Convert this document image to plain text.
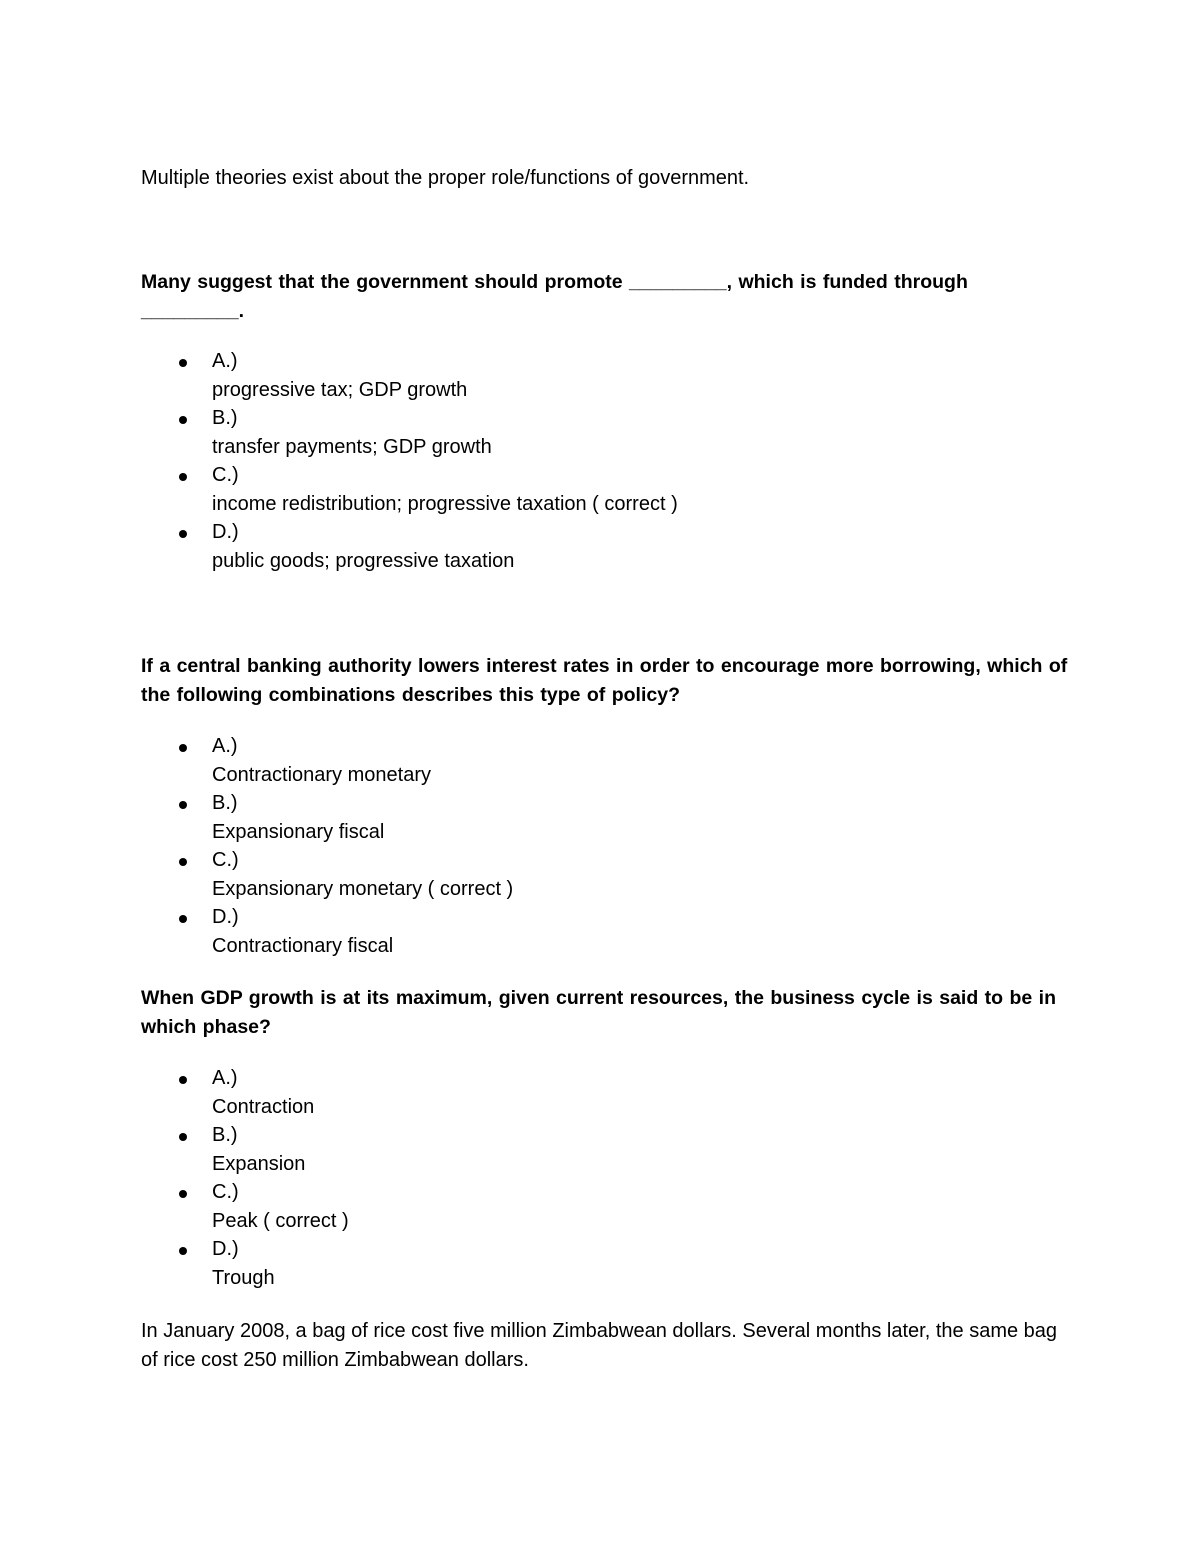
Multiple theories exist about the proper role/functions of government.

Many suggest that the government should promote _________, which is funded through _________.

A.)
progressive tax; GDP growth
B.)
transfer payments; GDP growth
C.)
income redistribution; progressive taxation ( correct )
D.)
public goods; progressive taxation

If a central banking authority lowers interest rates in order to encourage more borrowing, which of the following combinations describes this type of policy?

A.)
Contractionary monetary
B.)
Expansionary fiscal
C.)
Expansionary monetary ( correct )
D.)
Contractionary fiscal

When GDP growth is at its maximum, given current resources, the business cycle is said to be in which phase?

A.)
Contraction
B.)
Expansion
C.)
Peak ( correct )
D.)
Trough

In January 2008, a bag of rice cost five million Zimbabwean dollars. Several months later, the same bag of rice cost 250 million Zimbabwean dollars.
